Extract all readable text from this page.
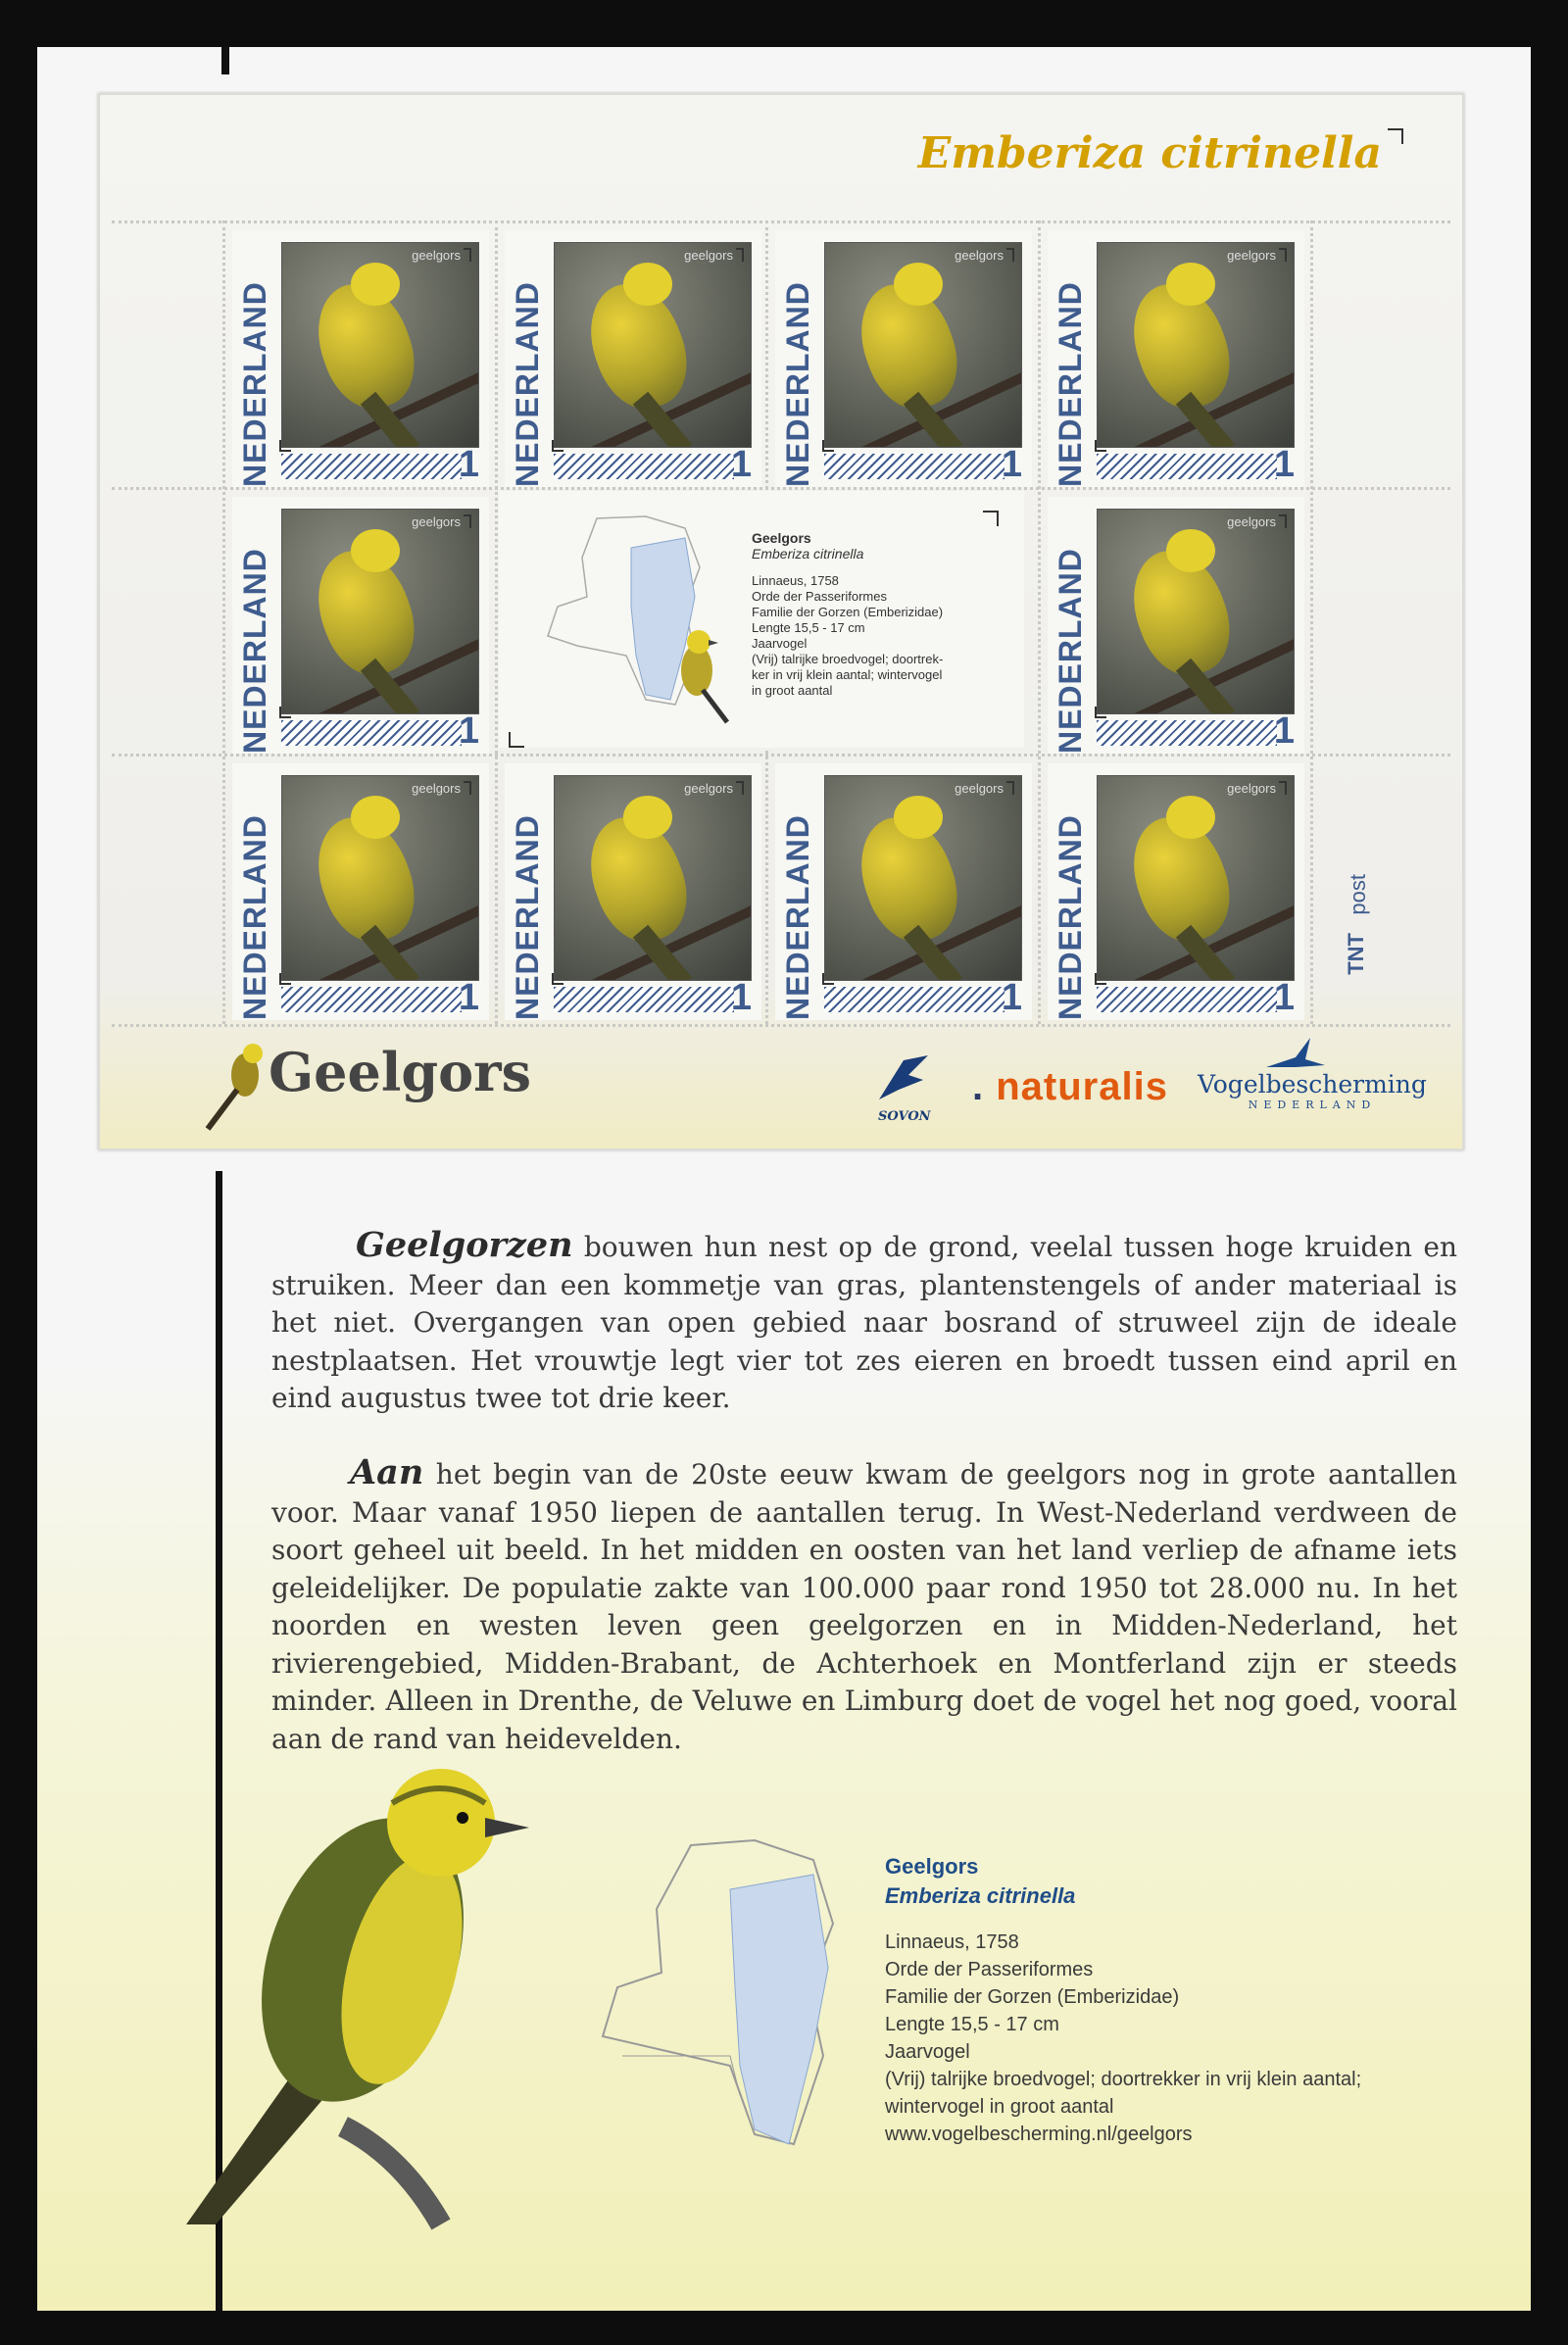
Emberiza citrinella
NEDERLAND
geelgors
1 NEDERLAND
geelgors
1 NEDERLAND
geelgors
1 NEDERLAND
geelgors
1
NEDERLAND
geelgors
1	NEDERLAND
geelgors
1
NEDERLAND
geelgors
1 NEDERLAND
geelgors
1 NEDERLAND
geelgors
1 NEDERLAND
geelgors
1
Geelgors
Emberiza citrinella
Linnaeus, 1758
Orde der Passeriformes
Familie der Gorzen (Emberizidae)
Lengte 15,5 - 17 cm
Jaarvogel
(Vrij) talrijke broedvogel; doortrek-
ker in vrij klein aantal; wintervogel
in groot aantal
post
TNT
Geelgors
SOVON
. naturalis Vogelbescherming
NEDERLAND
Geelgorzen bouwen hun nest op de grond, veelal tussen hoge kruiden en struiken. Meer dan een kommetje van gras, plantenstengels of ander materiaal is het niet. Overgangen van open gebied naar bosrand of struweel zijn de ideale nestplaatsen. Het vrouwtje legt vier tot zes eieren en broedt tussen eind april en eind augustus twee tot drie keer.
Aan het begin van de 20ste eeuw kwam de geelgors nog in grote aantallen voor. Maar vanaf 1950 liepen de aantallen terug. In West-Nederland verdween de soort geheel uit beeld. In het midden en oosten van het land verliep de afname iets geleidelijker. De populatie zakte van 100.000 paar rond 1950 tot 28.000 nu. In het noorden en westen leven geen geelgorzen en in Midden-Nederland, het rivierengebied, Midden-Brabant, de Achterhoek en Montferland zijn er steeds minder. Alleen in Drenthe, de Veluwe en Limburg doet de vogel het nog goed, vooral aan de rand van heidevelden.
Geelgors
Emberiza citrinella
Linnaeus, 1758
Orde der Passeriformes
Familie der Gorzen (Emberizidae)
Lengte 15,5 - 17 cm
Jaarvogel
(Vrij) talrijke broedvogel; doortrekker in vrij klein aantal;
wintervogel in groot aantal
www.vogelbescherming.nl/geelgors
